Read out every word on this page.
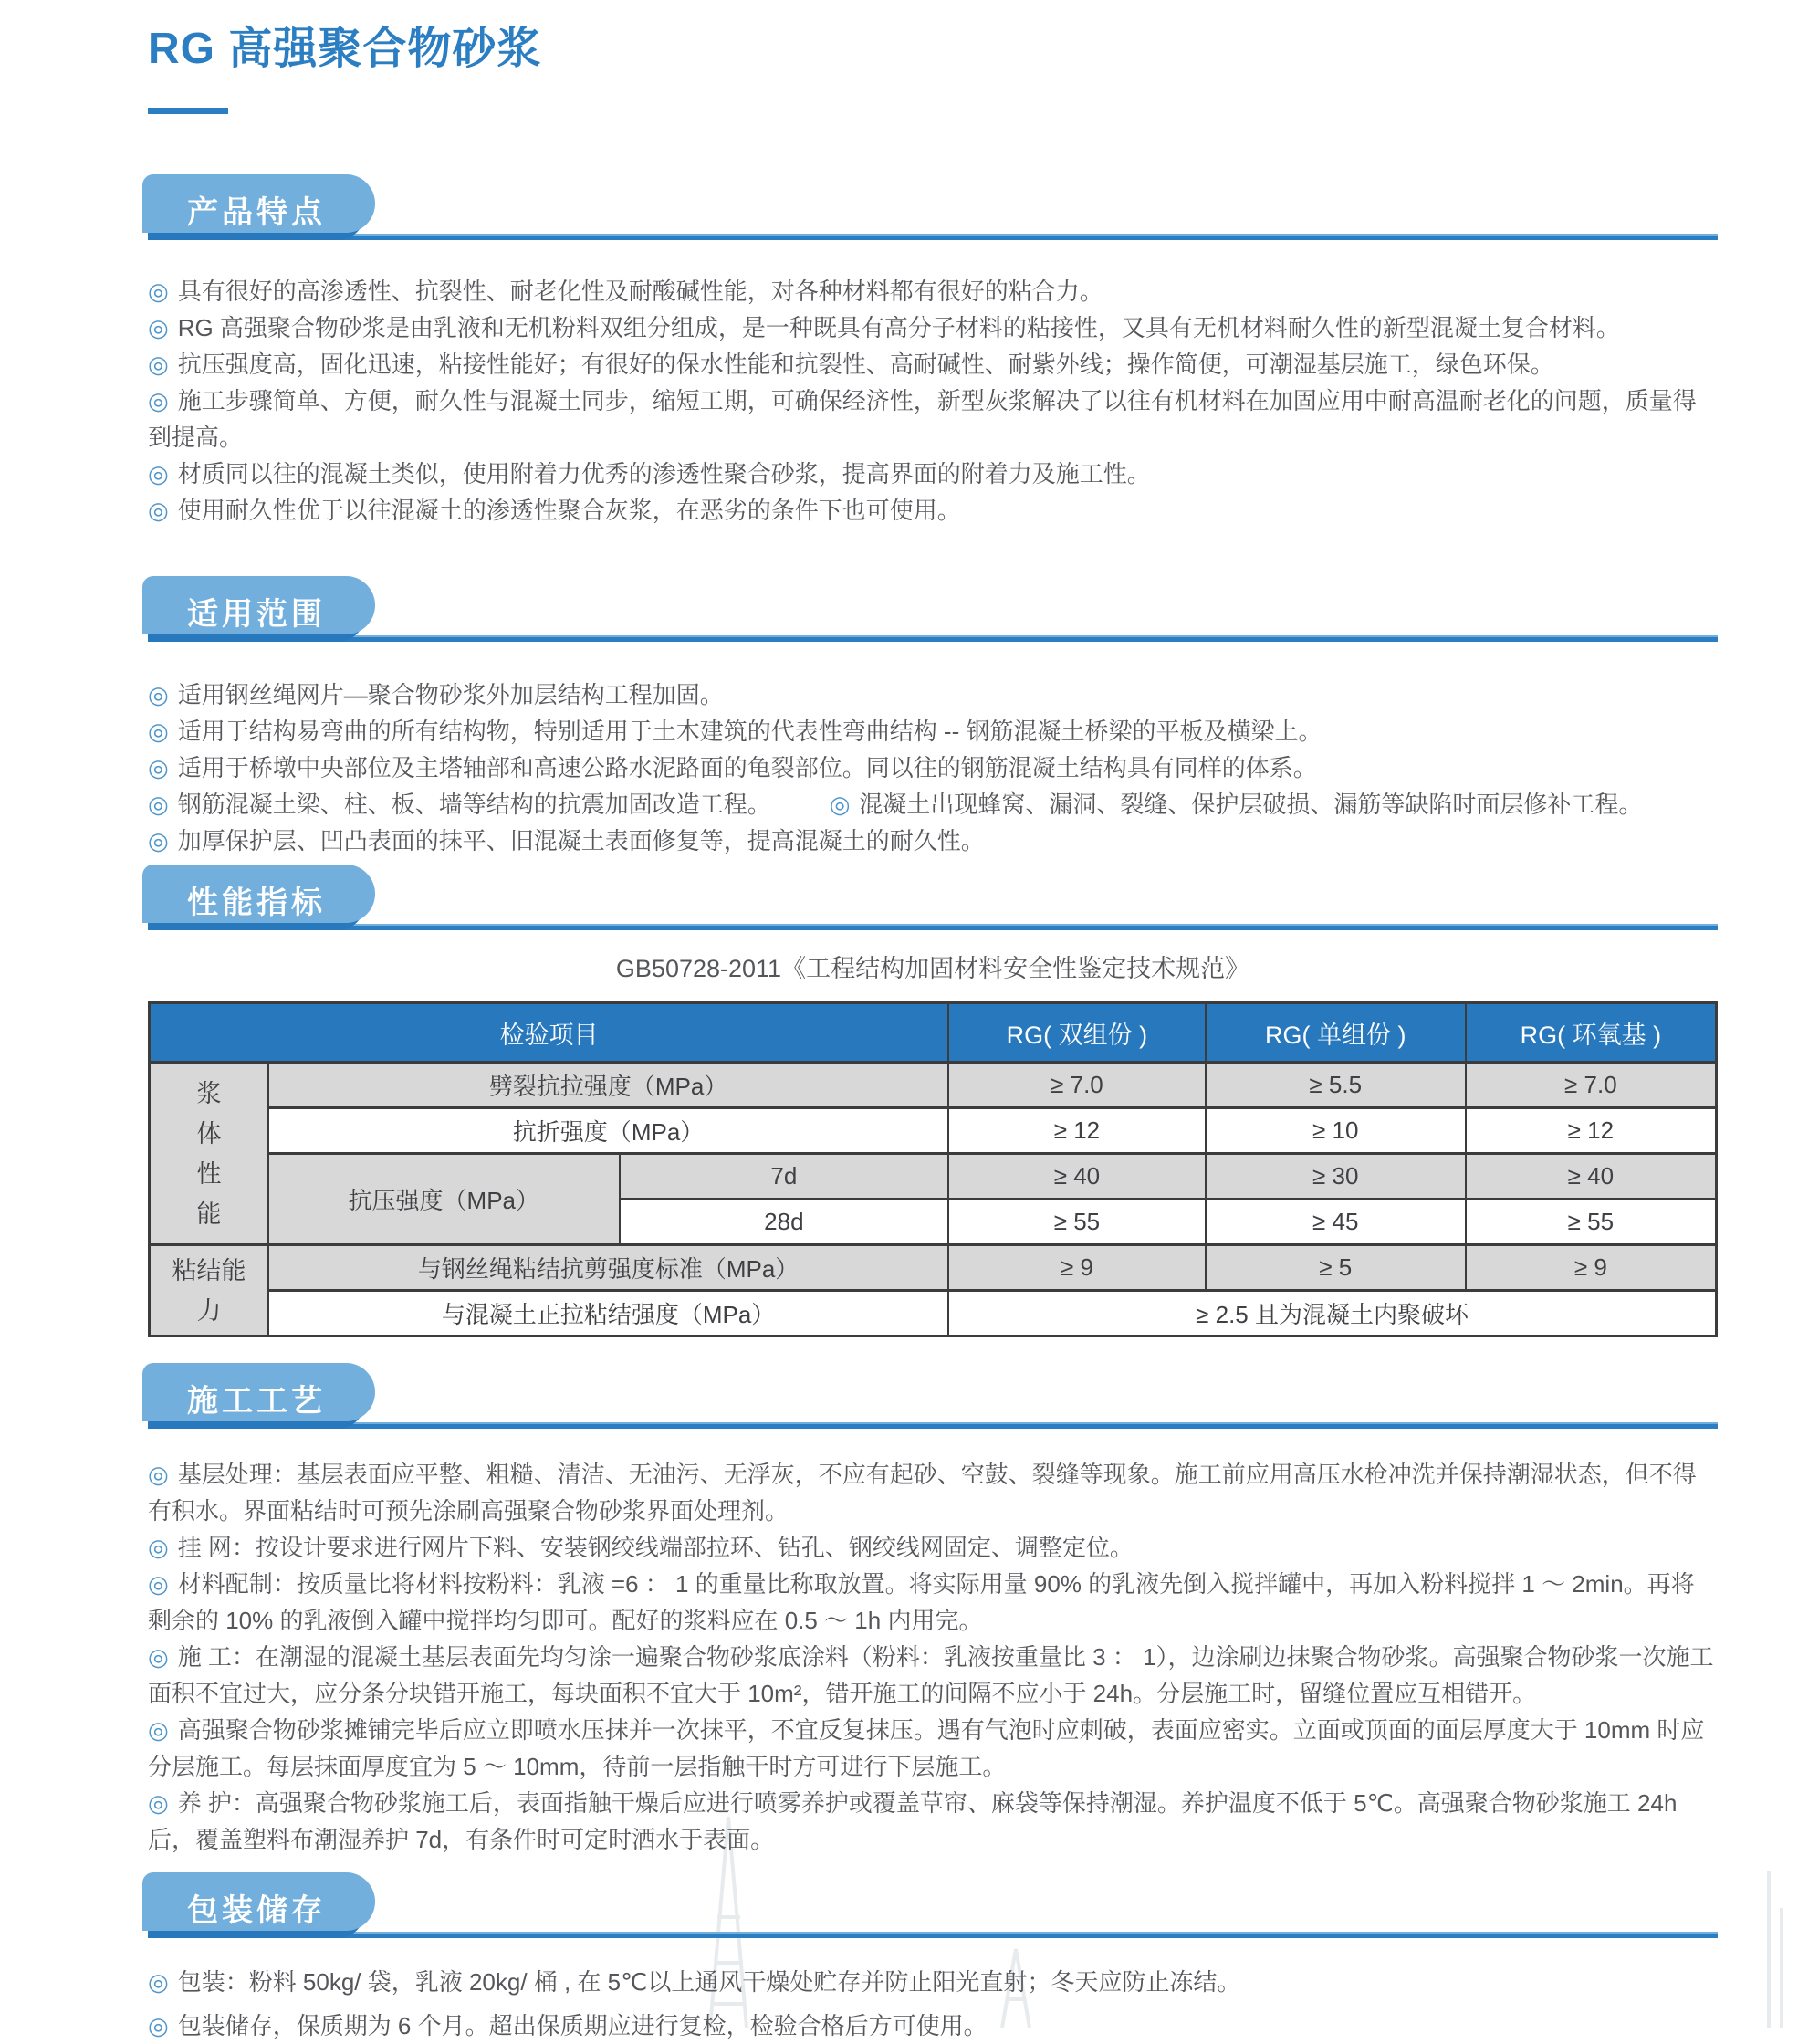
RG 高强聚合物砂浆
产品特点

◎ 具有很好的高渗透性、抗裂性、耐老化性及耐酸碱性能，对各种材料都有很好的粘合力。

◎ RG 高强聚合物砂浆是由乳液和无机粉料双组分组成，是一种既具有高分子材料的粘接性，又具有无机材料耐久性的新型混凝土复合材料。

◎ 抗压强度高，固化迅速，粘接性能好；有很好的保水性能和抗裂性、高耐碱性、耐紫外线；操作简便，可潮湿基层施工，绿色环保。

◎ 施工步骤简单、方便，耐久性与混凝土同步，缩短工期，可确保经济性，新型灰浆解决了以往有机材料在加固应用中耐高温耐老化的问题，质量得到提高。

◎ 材质同以往的混凝土类似，使用附着力优秀的渗透性聚合砂浆，提高界面的附着力及施工性。

◎ 使用耐久性优于以往混凝土的渗透性聚合灰浆，在恶劣的条件下也可使用。

适用范围

◎ 适用钢丝绳网片—聚合物砂浆外加层结构工程加固。

◎ 适用于结构易弯曲的所有结构物，特别适用于土木建筑的代表性弯曲结构 -- 钢筋混凝土桥梁的平板及横梁上。

◎ 适用于桥墩中央部位及主塔轴部和高速公路水泥路面的龟裂部位。同以往的钢筋混凝土结构具有同样的体系。

◎ 钢筋混凝土梁、柱、板、墙等结构的抗震加固改造工程。 ◎ 混凝土出现蜂窝、漏洞、裂缝、保护层破损、漏筋等缺陷时面层修补工程。

◎ 加厚保护层、凹凸表面的抹平、旧混凝土表面修复等，提高混凝土的耐久性。

性能指标
GB50728-2011《工程结构加固材料安全性鉴定技术规范》
检验项目			RG( 双组份 )	RG( 单组份 )	RG( 环氧基 )

浆
体
性
能	劈裂抗拉强度（MPa）		≥ 7.0	≥ 5.5	≥ 7.0
	抗折强度（MPa）		≥ 12	≥ 10	≥ 12
	抗压强度（MPa）	7d	≥ 40	≥ 30	≥ 40
		28d	≥ 55	≥ 45	≥ 55

粘结能
力	与钢丝绳粘结抗剪强度标准（MPa）		≥ 9	≥ 5	≥ 9
	与混凝土正拉粘结强度（MPa）		≥ 2.5 且为混凝土内聚破坏		
施工工艺

◎ 基层处理：基层表面应平整、粗糙、清洁、无油污、无浮灰，不应有起砂、空鼓、裂缝等现象。施工前应用高压水枪冲洗并保持潮湿状态，但不得有积水。界面粘结时可预先涂刷高强聚合物砂浆界面处理剂。

◎ 挂 网：按设计要求进行网片下料、安装钢绞线端部拉环、钻孔、钢绞线网固定、调整定位。

◎ 材料配制：按质量比将材料按粉料：乳液 =6 ： 1 的重量比称取放置。将实际用量 90% 的乳液先倒入搅拌罐中，再加入粉料搅拌 1 ～ 2min。再将剩余的 10% 的乳液倒入罐中搅拌均匀即可。配好的浆料应在 0.5 ～ 1h 内用完。

◎ 施 工：在潮湿的混凝土基层表面先均匀涂一遍聚合物砂浆底涂料（粉料：乳液按重量比 3 ： 1），边涂刷边抹聚合物砂浆。高强聚合物砂浆一次施工面积不宜过大，应分条分块错开施工，每块面积不宜大于 10m²，错开施工的间隔不应小于 24h。分层施工时，留缝位置应互相错开。

◎ 高强聚合物砂浆摊铺完毕后应立即喷水压抹并一次抹平，不宜反复抹压。遇有气泡时应刺破，表面应密实。立面或顶面的面层厚度大于 10mm 时应分层施工。每层抹面厚度宜为 5 ～ 10mm，待前一层指触干时方可进行下层施工。

◎ 养 护：高强聚合物砂浆施工后，表面指触干燥后应进行喷雾养护或覆盖草帘、麻袋等保持潮湿。养护温度不低于 5℃。高强聚合物砂浆施工 24h 后，覆盖塑料布潮湿养护 7d，有条件时可定时洒水于表面。

包装储存

◎ 包装：粉料 50kg/ 袋，乳液 20kg/ 桶 , 在 5℃以上通风干燥处贮存并防止阳光直射；冬天应防止冻结。

◎ 包装储存，保质期为 6 个月。超出保质期应进行复检，检验合格后方可使用。
